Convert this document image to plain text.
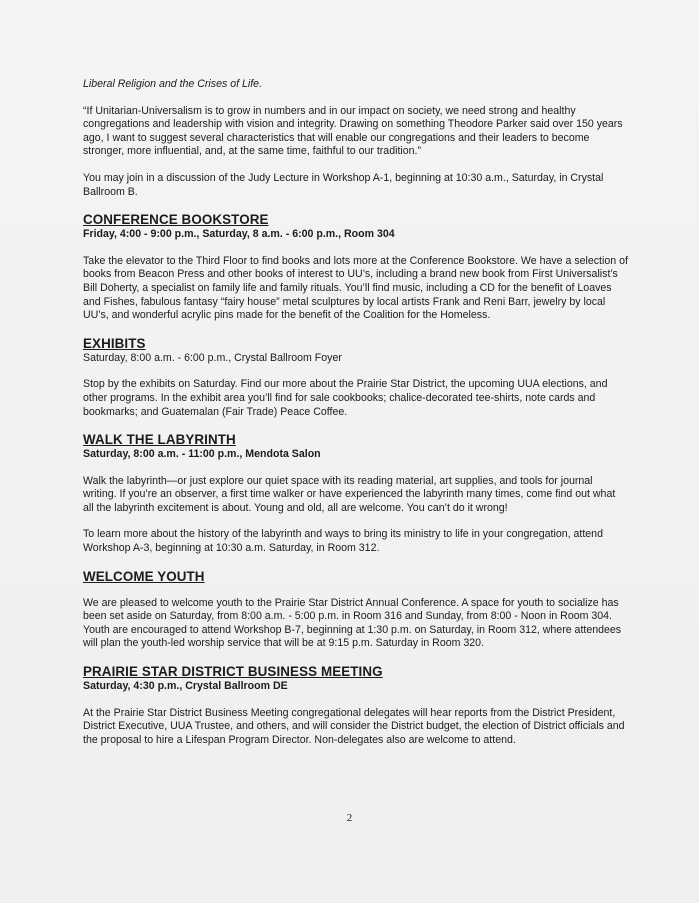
Liberal Religion and the Crises of Life.

“If Unitarian-Universalism is to grow in numbers and in our impact on society, we need strong and healthy congregations and leadership with vision and integrity. Drawing on something Theodore Parker said over 150 years ago, I want to suggest several characteristics that will enable our congregations and their leaders to become stronger, more influential, and, at the same time, faithful to our tradition.”

You may join in a discussion of the Judy Lecture in Workshop A-1, beginning at 10:30 a.m., Saturday, in Crystal Ballroom B.

CONFERENCE BOOKSTORE
Friday, 4:00 - 9:00 p.m., Saturday, 8 a.m. - 6:00 p.m., Room 304

Take the elevator to the Third Floor to find books and lots more at the Conference Bookstore. We have a selection of books from Beacon Press and other books of interest to UU’s, including a brand new book from First Universalist’s Bill Doherty, a specialist on family life and family rituals. You’ll find music, including a CD for the benefit of Loaves and Fishes, fabulous fantasy “fairy house” metal sculptures by local artists Frank and Reni Barr, jewelry by local UU’s, and wonderful acrylic pins made for the benefit of the Coalition for the Homeless.

EXHIBITS
Saturday, 8:00 a.m. - 6:00 p.m., Crystal Ballroom Foyer

Stop by the exhibits on Saturday. Find our more about the Prairie Star District, the upcoming UUA elections, and other programs. In the exhibit area you’ll find for sale cookbooks; chalice-decorated tee-shirts, note cards and bookmarks; and Guatemalan (Fair Trade) Peace Coffee.

WALK THE LABYRINTH
Saturday, 8:00 a.m. - 11:00 p.m., Mendota Salon

Walk the labyrinth—or just explore our quiet space with its reading material, art supplies, and tools for journal writing. If you’re an observer, a first time walker or have experienced the labyrinth many times, come find out what all the labyrinth excitement is about. Young and old, all are welcome. You can’t do it wrong!

To learn more about the history of the labyrinth and ways to bring its ministry to life in your congregation, attend Workshop A-3, beginning at 10:30 a.m. Saturday, in Room 312.

WELCOME YOUTH

We are pleased to welcome youth to the Prairie Star District Annual Conference. A space for youth to socialize has been set aside on Saturday, from 8:00 a.m. - 5:00 p.m. in Room 316 and Sunday, from 8:00 - Noon in Room 304. Youth are encouraged to attend Workshop B-7, beginning at 1:30 p.m. on Saturday, in Room 312, where attendees will plan the youth-led worship service that will be at 9:15 p.m. Saturday in Room 320.

PRAIRIE STAR DISTRICT BUSINESS MEETING
Saturday, 4:30 p.m., Crystal Ballroom DE

At the Prairie Star District Business Meeting congregational delegates will hear reports from the District President, District Executive, UUA Trustee, and others, and will consider the District budget, the election of District officials and the proposal to hire a Lifespan Program Director. Non-delegates also are welcome to attend.

2
